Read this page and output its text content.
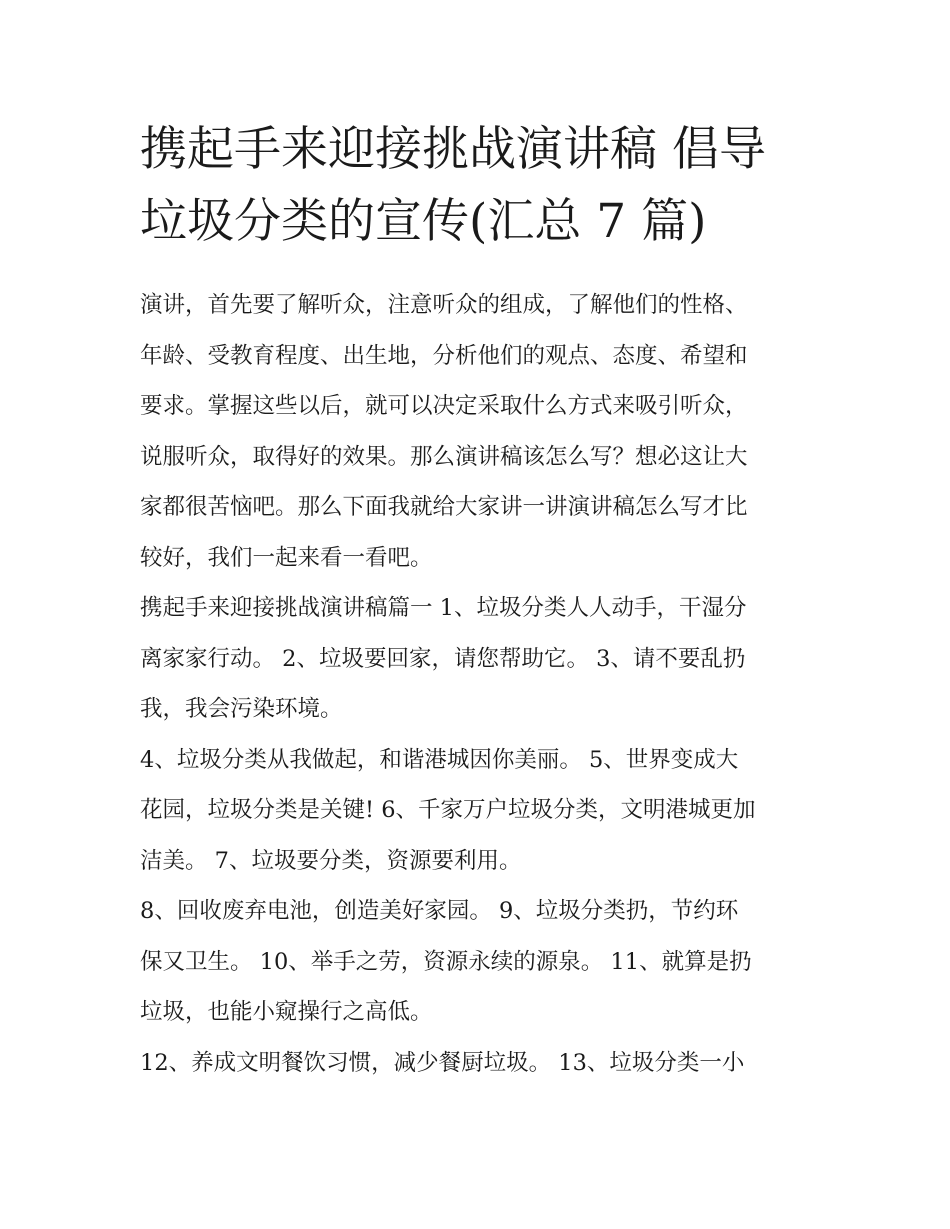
携起手来迎接挑战演讲稿 倡导
垃圾分类的宣传(汇总 7 篇)
演讲，首先要了解听众，注意听众的组成，了解他们的性格、
年龄、受教育程度、出生地，分析他们的观点、态度、希望和
要求。掌握这些以后，就可以决定采取什么方式来吸引听众，
说服听众，取得好的效果。那么演讲稿该怎么写？想必这让大
家都很苦恼吧。那么下面我就给大家讲一讲演讲稿怎么写才比
较好，我们一起来看一看吧。
携起手来迎接挑战演讲稿篇一 1、垃圾分类人人动手，干湿分
离家家行动。 2、垃圾要回家，请您帮助它。 3、请不要乱扔
我，我会污染环境。
4、垃圾分类从我做起，和谐港城因你美丽。 5、世界变成大
花园，垃圾分类是关键! 6、千家万户垃圾分类，文明港城更加
洁美。 7、垃圾要分类，资源要利用。
8、回收废弃电池，创造美好家园。 9、垃圾分类扔，节约环
保又卫生。 10、举手之劳，资源永续的源泉。 11、就算是扔
垃圾，也能小窥操行之高低。
12、养成文明餐饮习惯，减少餐厨垃圾。 13、垃圾分类一小
